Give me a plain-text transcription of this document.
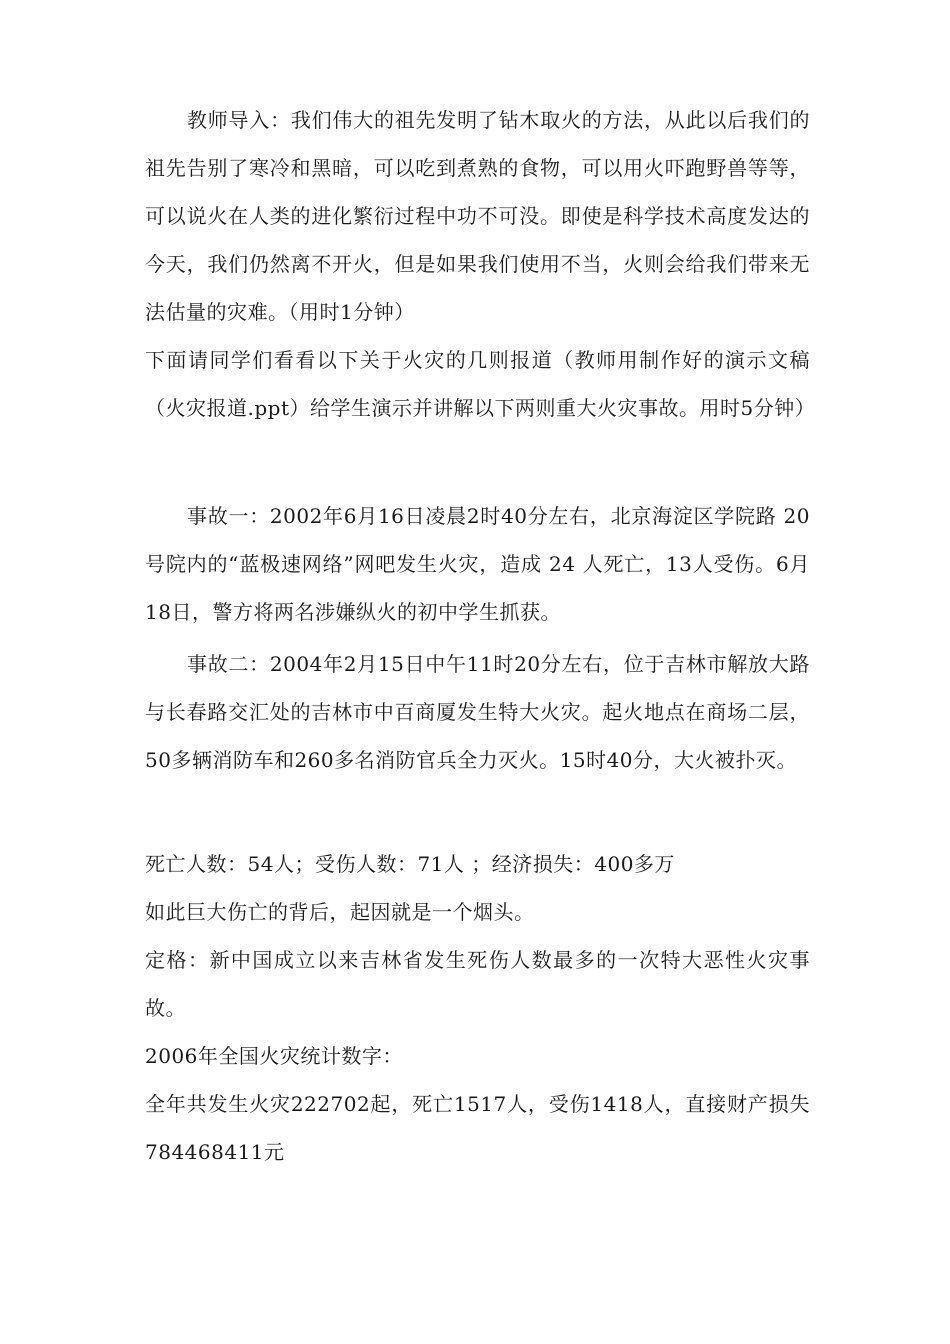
教师导入：我们伟大的祖先发明了钻木取火的方法，从此以后我们的祖先告别了寒冷和黑暗，可以吃到煮熟的食物，可以用火吓跑野兽等等，可以说火在人类的进化繁衍过程中功不可没。即使是科学技术高度发达的今天，我们仍然离不开火，但是如果我们使用不当，火则会给我们带来无法估量的灾难。（用时1分钟）

下面请同学们看看以下关于火灾的几则报道（教师用制作好的演示文稿（火灾报道.ppt）给学生演示并讲解以下两则重大火灾事故。用时5分钟）

事故一：2002年6月16日凌晨2时40分左右，北京海淀区学院路 20 号院内的“蓝极速网络”网吧发生火灾，造成 24 人死亡，13人受伤。6月18日，警方将两名涉嫌纵火的初中学生抓获。

事故二：2004年2月15日中午11时20分左右，位于吉林市解放大路与长春路交汇处的吉林市中百商厦发生特大火灾。起火地点在商场二层，50多辆消防车和260多名消防官兵全力灭火。15时40分，大火被扑灭。

死亡人数：54人；受伤人数：71人 ；经济损失：400多万

如此巨大伤亡的背后，起因就是一个烟头。

定格：新中国成立以来吉林省发生死伤人数最多的一次特大恶性火灾事故。

2006年全国火灾统计数字：

全年共发生火灾222702起，死亡1517人，受伤1418人，直接财产损失784468411元
